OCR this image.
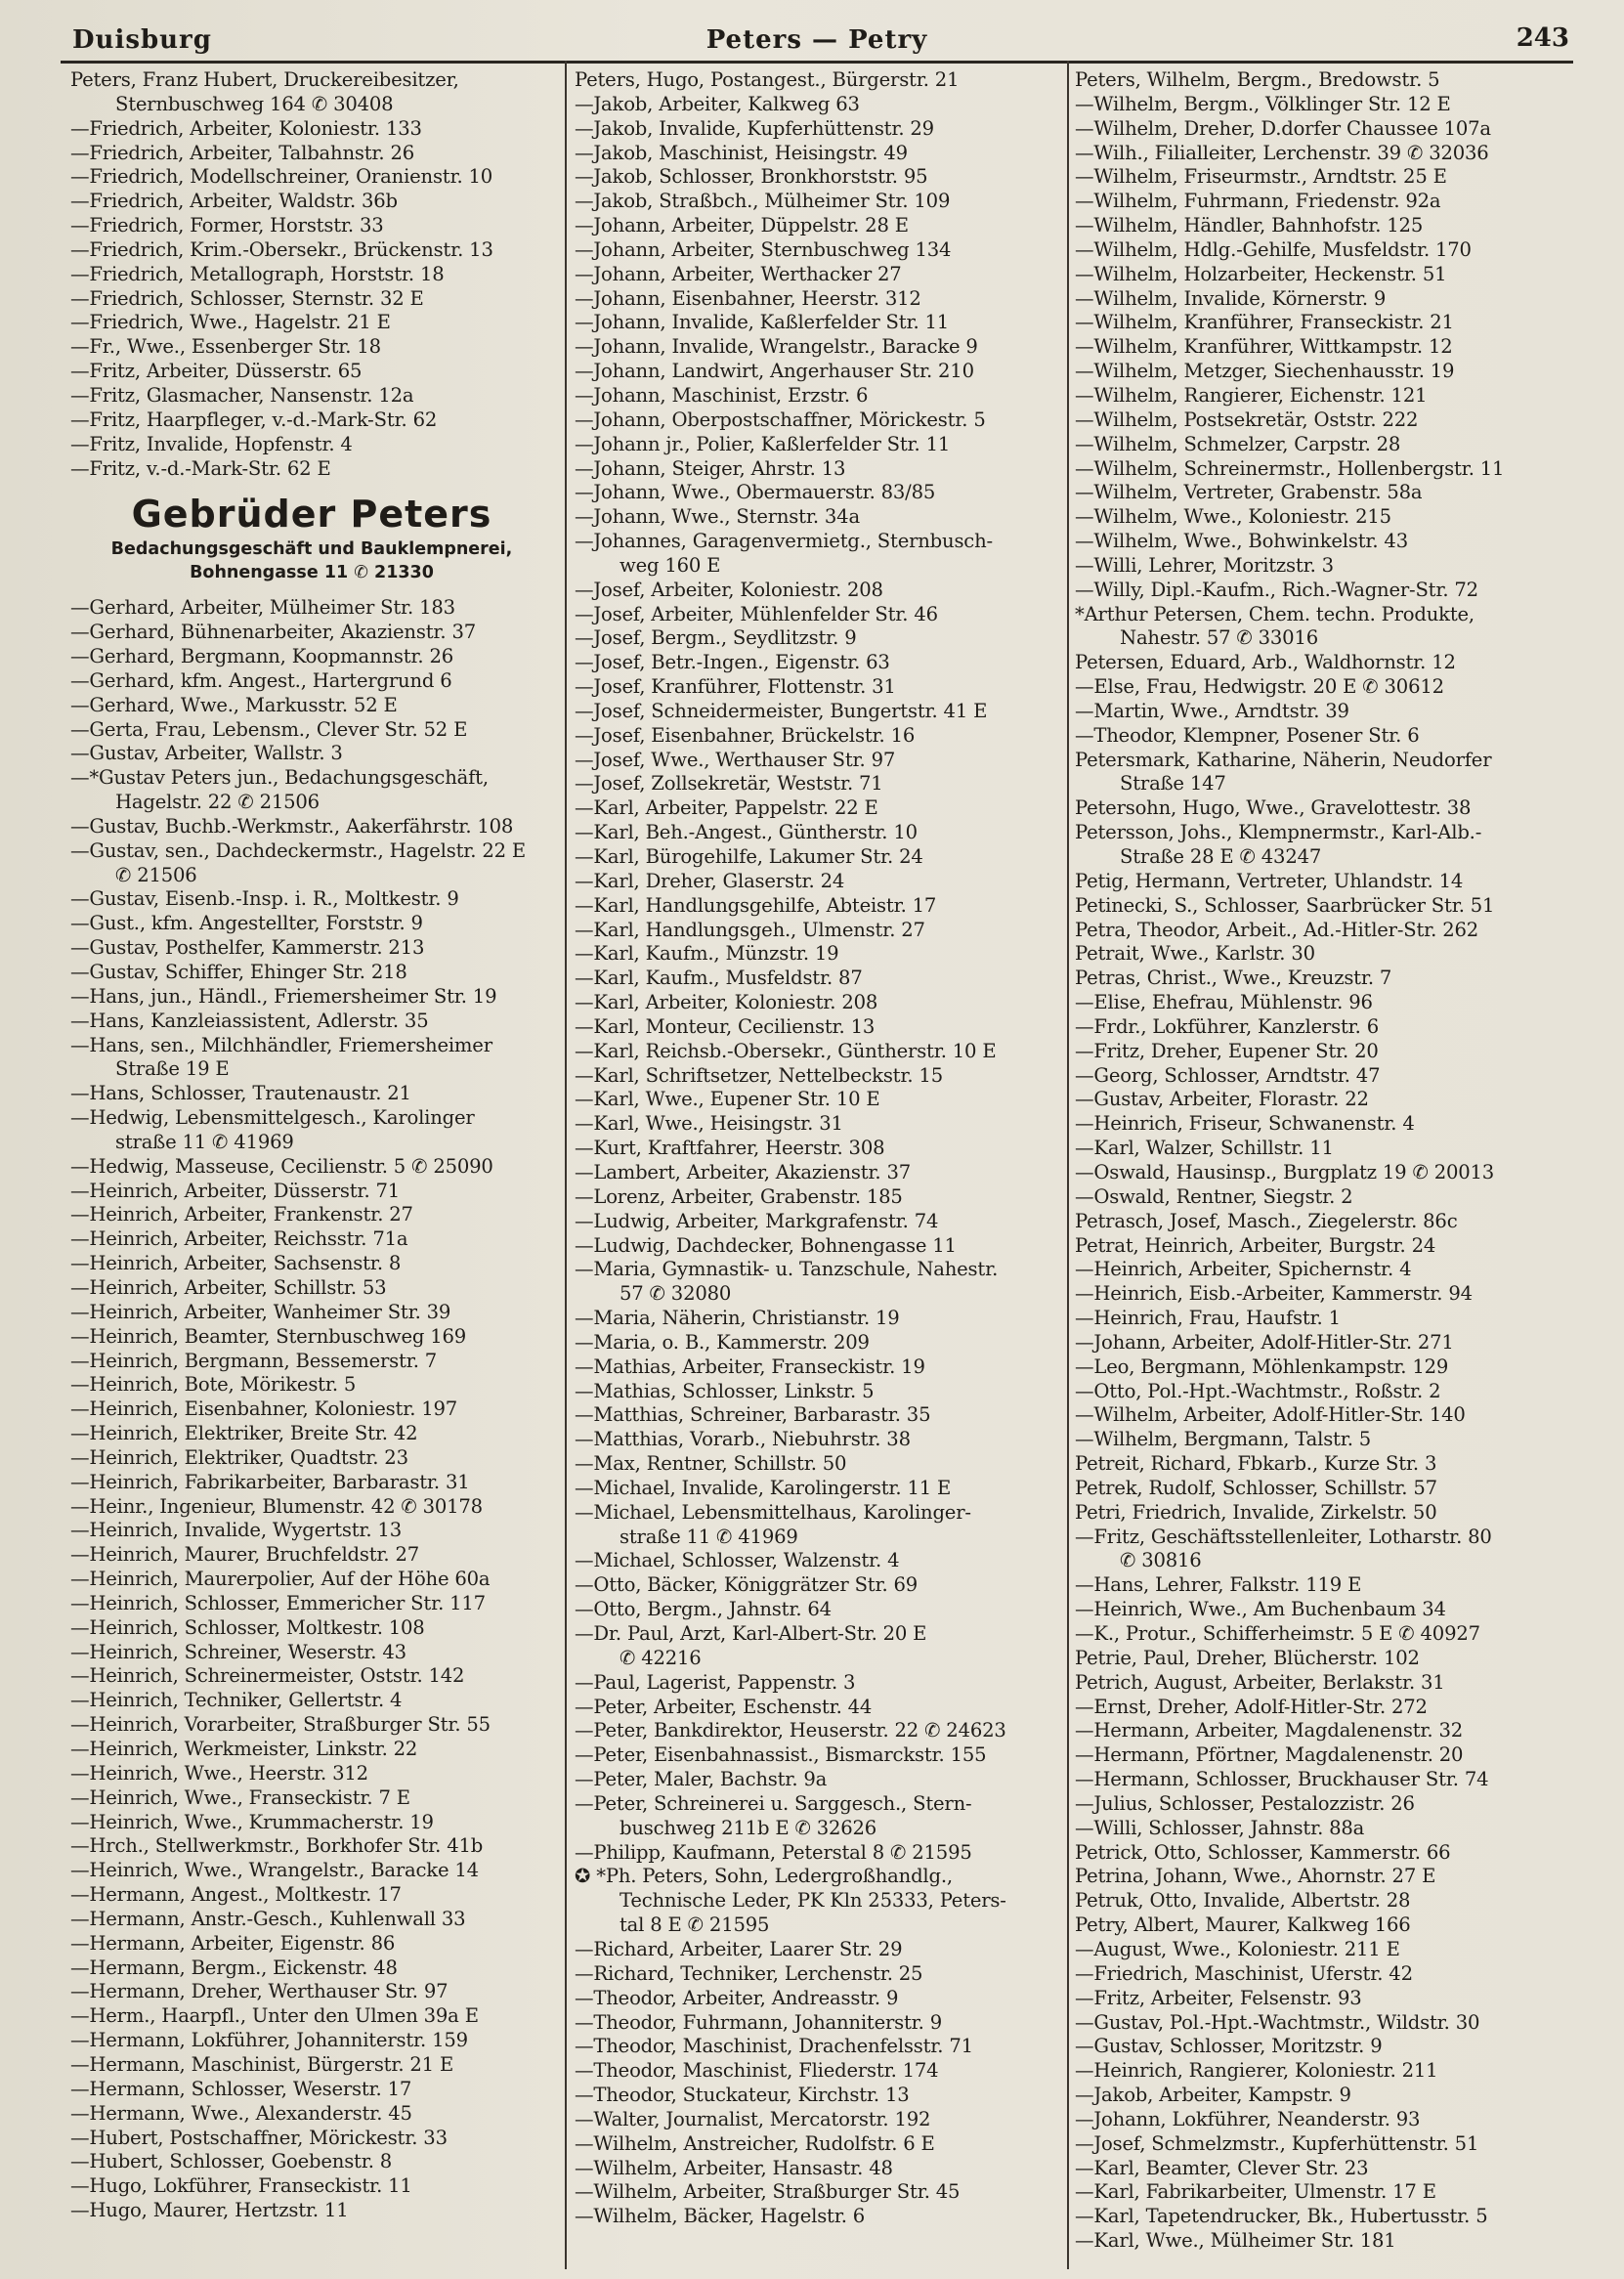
Duisburg	Peters — Petry	243
Peters, Franz Hubert, Druckereibesitzer,
Sternbuschweg 164 ✆ 30408
—Friedrich, Arbeiter, Koloniestr. 133
—Friedrich, Arbeiter, Talbahnstr. 26
—Friedrich, Modellschreiner, Oranienstr. 10
—Friedrich, Arbeiter, Waldstr. 36b
—Friedrich, Former, Horststr. 33
—Friedrich, Krim.-Obersekr., Brückenstr. 13
—Friedrich, Metallograph, Horststr. 18
—Friedrich, Schlosser, Sternstr. 32 E
—Friedrich, Wwe., Hagelstr. 21 E
—Fr., Wwe., Essenberger Str. 18
—Fritz, Arbeiter, Düsserstr. 65
—Fritz, Glasmacher, Nansenstr. 12a
—Fritz, Haarpfleger, v.-d.-Mark-Str. 62
—Fritz, Invalide, Hopfenstr. 4
—Fritz, v.-d.-Mark-Str. 62 E
Gebrüder Peters
Bedachungsgeschäft und Bauklempnerei,
Bohnengasse 11 ✆ 21330
—Gerhard, Arbeiter, Mülheimer Str. 183
—Gerhard, Bühnenarbeiter, Akazienstr. 37
—Gerhard, Bergmann, Koopmannstr. 26
—Gerhard, kfm. Angest., Hartergrund 6
—Gerhard, Wwe., Markusstr. 52 E
—Gerta, Frau, Lebensm., Clever Str. 52 E
—Gustav, Arbeiter, Wallstr. 3
—*Gustav Peters jun., Bedachungsgeschäft,
Hagelstr. 22 ✆ 21506
—Gustav, Buchb.-Werkmstr., Aakerfährstr. 108
—Gustav, sen., Dachdeckermstr., Hagelstr. 22 E
✆ 21506
—Gustav, Eisenb.-Insp. i. R., Moltkestr. 9
—Gust., kfm. Angestellter, Forststr. 9
—Gustav, Posthelfer, Kammerstr. 213
—Gustav, Schiffer, Ehinger Str. 218
—Hans, jun., Händl., Friemersheimer Str. 19
—Hans, Kanzleiassistent, Adlerstr. 35
—Hans, sen., Milchhändler, Friemersheimer
Straße 19 E
—Hans, Schlosser, Trautenaustr. 21
—Hedwig, Lebensmittelgesch., Karolinger
straße 11 ✆ 41969
—Hedwig, Masseuse, Cecilienstr. 5 ✆ 25090
—Heinrich, Arbeiter, Düsserstr. 71
—Heinrich, Arbeiter, Frankenstr. 27
—Heinrich, Arbeiter, Reichsstr. 71a
—Heinrich, Arbeiter, Sachsenstr. 8
—Heinrich, Arbeiter, Schillstr. 53
—Heinrich, Arbeiter, Wanheimer Str. 39
—Heinrich, Beamter, Sternbuschweg 169
—Heinrich, Bergmann, Bessemerstr. 7
—Heinrich, Bote, Mörikestr. 5
—Heinrich, Eisenbahner, Koloniestr. 197
—Heinrich, Elektriker, Breite Str. 42
—Heinrich, Elektriker, Quadtstr. 23
—Heinrich, Fabrikarbeiter, Barbarastr. 31
—Heinr., Ingenieur, Blumenstr. 42 ✆ 30178
—Heinrich, Invalide, Wygertstr. 13
—Heinrich, Maurer, Bruchfeldstr. 27
—Heinrich, Maurerpolier, Auf der Höhe 60a
—Heinrich, Schlosser, Emmericher Str. 117
—Heinrich, Schlosser, Moltkestr. 108
—Heinrich, Schreiner, Weserstr. 43
—Heinrich, Schreinermeister, Oststr. 142
—Heinrich, Techniker, Gellertstr. 4
—Heinrich, Vorarbeiter, Straßburger Str. 55
—Heinrich, Werkmeister, Linkstr. 22
—Heinrich, Wwe., Heerstr. 312
—Heinrich, Wwe., Franseckistr. 7 E
—Heinrich, Wwe., Krummacherstr. 19
—Hrch., Stellwerkmstr., Borkhofer Str. 41b
—Heinrich, Wwe., Wrangelstr., Baracke 14
—Hermann, Angest., Moltkestr. 17
—Hermann, Anstr.-Gesch., Kuhlenwall 33
—Hermann, Arbeiter, Eigenstr. 86
—Hermann, Bergm., Eickenstr. 48
—Hermann, Dreher, Werthauser Str. 97
—Herm., Haarpfl., Unter den Ulmen 39a E
—Hermann, Lokführer, Johanniterstr. 159
—Hermann, Maschinist, Bürgerstr. 21 E
—Hermann, Schlosser, Weserstr. 17
—Hermann, Wwe., Alexanderstr. 45
—Hubert, Postschaffner, Mörickestr. 33
—Hubert, Schlosser, Goebenstr. 8
—Hugo, Lokführer, Franseckistr. 11
—Hugo, Maurer, Hertzstr. 11
Peters, Hugo, Postangest., Bürgerstr. 21
—Jakob, Arbeiter, Kalkweg 63
—Jakob, Invalide, Kupferhüttenstr. 29
—Jakob, Maschinist, Heisingstr. 49
—Jakob, Schlosser, Bronkhorststr. 95
—Jakob, Straßbch., Mülheimer Str. 109
—Johann, Arbeiter, Düppelstr. 28 E
—Johann, Arbeiter, Sternbuschweg 134
—Johann, Arbeiter, Werthacker 27
—Johann, Eisenbahner, Heerstr. 312
—Johann, Invalide, Kaßlerfelder Str. 11
—Johann, Invalide, Wrangelstr., Baracke 9
—Johann, Landwirt, Angerhauser Str. 210
—Johann, Maschinist, Erzstr. 6
—Johann, Oberpostschaffner, Mörickestr. 5
—Johann jr., Polier, Kaßlerfelder Str. 11
—Johann, Steiger, Ahrstr. 13
—Johann, Wwe., Obermauerstr. 83/85
—Johann, Wwe., Sternstr. 34a
—Johannes, Garagenvermietg., Sternbusch-
weg 160 E
—Josef, Arbeiter, Koloniestr. 208
—Josef, Arbeiter, Mühlenfelder Str. 46
—Josef, Bergm., Seydlitzstr. 9
—Josef, Betr.-Ingen., Eigenstr. 63
—Josef, Kranführer, Flottenstr. 31
—Josef, Schneidermeister, Bungertstr. 41 E
—Josef, Eisenbahner, Brückelstr. 16
—Josef, Wwe., Werthauser Str. 97
—Josef, Zollsekretär, Weststr. 71
—Karl, Arbeiter, Pappelstr. 22 E
—Karl, Beh.-Angest., Güntherstr. 10
—Karl, Bürogehilfe, Lakumer Str. 24
—Karl, Dreher, Glaserstr. 24
—Karl, Handlungsgehilfe, Abteistr. 17
—Karl, Handlungsgeh., Ulmenstr. 27
—Karl, Kaufm., Münzstr. 19
—Karl, Kaufm., Musfeldstr. 87
—Karl, Arbeiter, Koloniestr. 208
—Karl, Monteur, Cecilienstr. 13
—Karl, Reichsb.-Obersekr., Güntherstr. 10 E
—Karl, Schriftsetzer, Nettelbeckstr. 15
—Karl, Wwe., Eupener Str. 10 E
—Karl, Wwe., Heisingstr. 31
—Kurt, Kraftfahrer, Heerstr. 308
—Lambert, Arbeiter, Akazienstr. 37
—Lorenz, Arbeiter, Grabenstr. 185
—Ludwig, Arbeiter, Markgrafenstr. 74
—Ludwig, Dachdecker, Bohnengasse 11
—Maria, Gymnastik- u. Tanzschule, Nahestr.
57 ✆ 32080
—Maria, Näherin, Christianstr. 19
—Maria, o. B., Kammerstr. 209
—Mathias, Arbeiter, Franseckistr. 19
—Mathias, Schlosser, Linkstr. 5
—Matthias, Schreiner, Barbarastr. 35
—Matthias, Vorarb., Niebuhrstr. 38
—Max, Rentner, Schillstr. 50
—Michael, Invalide, Karolingerstr. 11 E
—Michael, Lebensmittelhaus, Karolinger-
straße 11 ✆ 41969
—Michael, Schlosser, Walzenstr. 4
—Otto, Bäcker, Königgrätzer Str. 69
—Otto, Bergm., Jahnstr. 64
—Dr. Paul, Arzt, Karl-Albert-Str. 20 E
✆ 42216
—Paul, Lagerist, Pappenstr. 3
—Peter, Arbeiter, Eschenstr. 44
—Peter, Bankdirektor, Heuserstr. 22 ✆ 24623
—Peter, Eisenbahnassist., Bismarckstr. 155
—Peter, Maler, Bachstr. 9a
—Peter, Schreinerei u. Sarggesch., Stern-
buschweg 211b E ✆ 32626
—Philipp, Kaufmann, Peterstal 8 ✆ 21595
✪ *Ph. Peters, Sohn, Ledergroßhandlg.,
Technische Leder, PK Kln 25333, Peters-
tal 8 E ✆ 21595
—Richard, Arbeiter, Laarer Str. 29
—Richard, Techniker, Lerchenstr. 25
—Theodor, Arbeiter, Andreasstr. 9
—Theodor, Fuhrmann, Johanniterstr. 9
—Theodor, Maschinist, Drachenfelsstr. 71
—Theodor, Maschinist, Fliederstr. 174
—Theodor, Stuckateur, Kirchstr. 13
—Walter, Journalist, Mercatorstr. 192
—Wilhelm, Anstreicher, Rudolfstr. 6 E
—Wilhelm, Arbeiter, Hansastr. 48
—Wilhelm, Arbeiter, Straßburger Str. 45
—Wilhelm, Bäcker, Hagelstr. 6
Peters, Wilhelm, Bergm., Bredowstr. 5
—Wilhelm, Bergm., Völklinger Str. 12 E
—Wilhelm, Dreher, D.dorfer Chaussee 107a
—Wilh., Filialleiter, Lerchenstr. 39 ✆ 32036
—Wilhelm, Friseurmstr., Arndtstr. 25 E
—Wilhelm, Fuhrmann, Friedenstr. 92a
—Wilhelm, Händler, Bahnhofstr. 125
—Wilhelm, Hdlg.-Gehilfe, Musfeldstr. 170
—Wilhelm, Holzarbeiter, Heckenstr. 51
—Wilhelm, Invalide, Körnerstr. 9
—Wilhelm, Kranführer, Franseckistr. 21
—Wilhelm, Kranführer, Wittkampstr. 12
—Wilhelm, Metzger, Siechenhausstr. 19
—Wilhelm, Rangierer, Eichenstr. 121
—Wilhelm, Postsekretär, Oststr. 222
—Wilhelm, Schmelzer, Carpstr. 28
—Wilhelm, Schreinermstr., Hollenbergstr. 11
—Wilhelm, Vertreter, Grabenstr. 58a
—Wilhelm, Wwe., Koloniestr. 215
—Wilhelm, Wwe., Bohwinkelstr. 43
—Willi, Lehrer, Moritzstr. 3
—Willy, Dipl.-Kaufm., Rich.-Wagner-Str. 72
*Arthur Petersen, Chem. techn. Produkte,
Nahestr. 57 ✆ 33016
Petersen, Eduard, Arb., Waldhornstr. 12
—Else, Frau, Hedwigstr. 20 E ✆ 30612
—Martin, Wwe., Arndtstr. 39
—Theodor, Klempner, Posener Str. 6
Petersmark, Katharine, Näherin, Neudorfer
Straße 147
Petersohn, Hugo, Wwe., Gravelottestr. 38
Petersson, Johs., Klempnermstr., Karl-Alb.-
Straße 28 E ✆ 43247
Petig, Hermann, Vertreter, Uhlandstr. 14
Petinecki, S., Schlosser, Saarbrücker Str. 51
Petra, Theodor, Arbeit., Ad.-Hitler-Str. 262
Petrait, Wwe., Karlstr. 30
Petras, Christ., Wwe., Kreuzstr. 7
—Elise, Ehefrau, Mühlenstr. 96
—Frdr., Lokführer, Kanzlerstr. 6
—Fritz, Dreher, Eupener Str. 20
—Georg, Schlosser, Arndtstr. 47
—Gustav, Arbeiter, Florastr. 22
—Heinrich, Friseur, Schwanenstr. 4
—Karl, Walzer, Schillstr. 11
—Oswald, Hausinsp., Burgplatz 19 ✆ 20013
—Oswald, Rentner, Siegstr. 2
Petrasch, Josef, Masch., Ziegelerstr. 86c
Petrat, Heinrich, Arbeiter, Burgstr. 24
—Heinrich, Arbeiter, Spichernstr. 4
—Heinrich, Eisb.-Arbeiter, Kammerstr. 94
—Heinrich, Frau, Haufstr. 1
—Johann, Arbeiter, Adolf-Hitler-Str. 271
—Leo, Bergmann, Möhlenkampstr. 129
—Otto, Pol.-Hpt.-Wachtmstr., Roßstr. 2
—Wilhelm, Arbeiter, Adolf-Hitler-Str. 140
—Wilhelm, Bergmann, Talstr. 5
Petreit, Richard, Fbkarb., Kurze Str. 3
Petrek, Rudolf, Schlosser, Schillstr. 57
Petri, Friedrich, Invalide, Zirkelstr. 50
—Fritz, Geschäftsstellenleiter, Lotharstr. 80
✆ 30816
—Hans, Lehrer, Falkstr. 119 E
—Heinrich, Wwe., Am Buchenbaum 34
—K., Protur., Schifferheimstr. 5 E ✆ 40927
Petrie, Paul, Dreher, Blücherstr. 102
Petrich, August, Arbeiter, Berlakstr. 31
—Ernst, Dreher, Adolf-Hitler-Str. 272
—Hermann, Arbeiter, Magdalenenstr. 32
—Hermann, Pförtner, Magdalenenstr. 20
—Hermann, Schlosser, Bruckhauser Str. 74
—Julius, Schlosser, Pestalozzistr. 26
—Willi, Schlosser, Jahnstr. 88a
Petrick, Otto, Schlosser, Kammerstr. 66
Petrina, Johann, Wwe., Ahornstr. 27 E
Petruk, Otto, Invalide, Albertstr. 28
Petry, Albert, Maurer, Kalkweg 166
—August, Wwe., Koloniestr. 211 E
—Friedrich, Maschinist, Uferstr. 42
—Fritz, Arbeiter, Felsenstr. 93
—Gustav, Pol.-Hpt.-Wachtmstr., Wildstr. 30
—Gustav, Schlosser, Moritzstr. 9
—Heinrich, Rangierer, Koloniestr. 211
—Jakob, Arbeiter, Kampstr. 9
—Johann, Lokführer, Neanderstr. 93
—Josef, Schmelzmstr., Kupferhüttenstr. 51
—Karl, Beamter, Clever Str. 23
—Karl, Fabrikarbeiter, Ulmenstr. 17 E
—Karl, Tapetendrucker, Bk., Hubertusstr. 5
—Karl, Wwe., Mülheimer Str. 181
